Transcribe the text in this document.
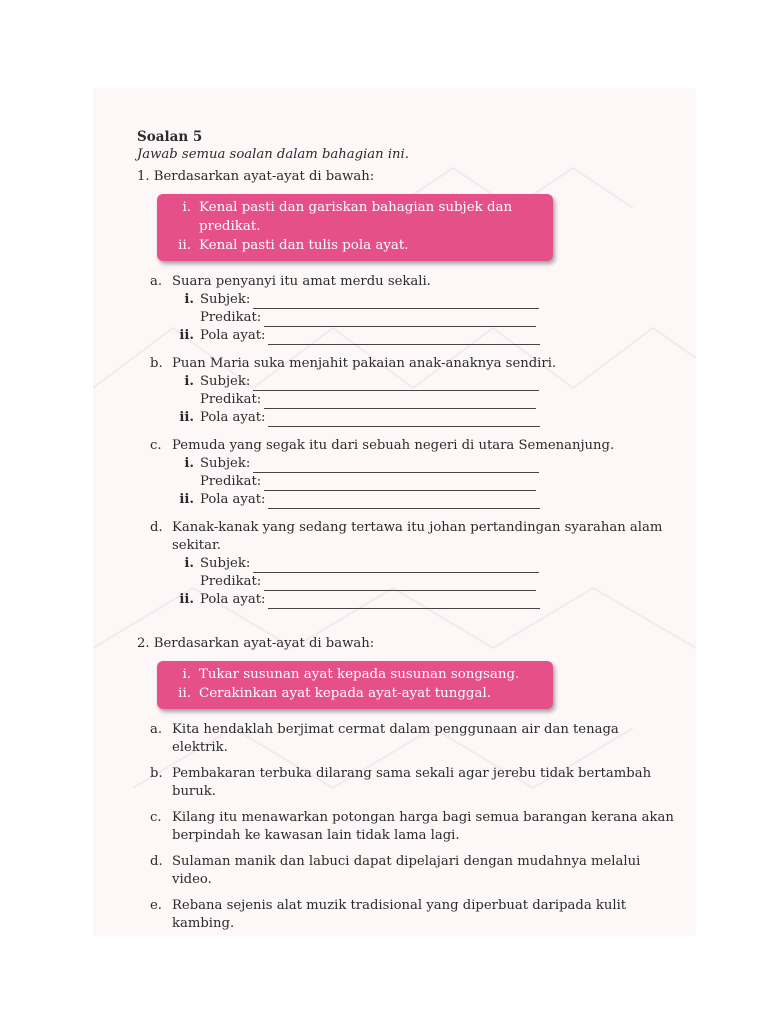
Soalan 5
Jawab semua soalan dalam bahagian ini.
1. Berdasarkan ayat-ayat di bawah:
i. Kenal pasti dan gariskan bahagian subjek dan predikat.
ii. Kenal pasti dan tulis pola ayat.
a. Suara penyanyi itu amat merdu sekali.
i. Subjek:
Predikat:
ii. Pola ayat:
b. Puan Maria suka menjahit pakaian anak-anaknya sendiri.
i. Subjek:
Predikat:
ii. Pola ayat:
c. Pemuda yang segak itu dari sebuah negeri di utara Semenanjung.
i. Subjek:
Predikat:
ii. Pola ayat:
d. Kanak-kanak yang sedang tertawa itu johan pertandingan syarahan alam sekitar.
i. Subjek:
Predikat:
ii. Pola ayat:
2. Berdasarkan ayat-ayat di bawah:
i. Tukar susunan ayat kepada susunan songsang.
ii. Cerakinkan ayat kepada ayat-ayat tunggal.
a. Kita hendaklah berjimat cermat dalam penggunaan air dan tenaga elektrik.
b. Pembakaran terbuka dilarang sama sekali agar jerebu tidak bertambah buruk.
c. Kilang itu menawarkan potongan harga bagi semua barangan kerana akan berpindah ke kawasan lain tidak lama lagi.
d. Sulaman manik dan labuci dapat dipelajari dengan mudahnya melalui video.
e. Rebana sejenis alat muzik tradisional yang diperbuat daripada kulit kambing.
